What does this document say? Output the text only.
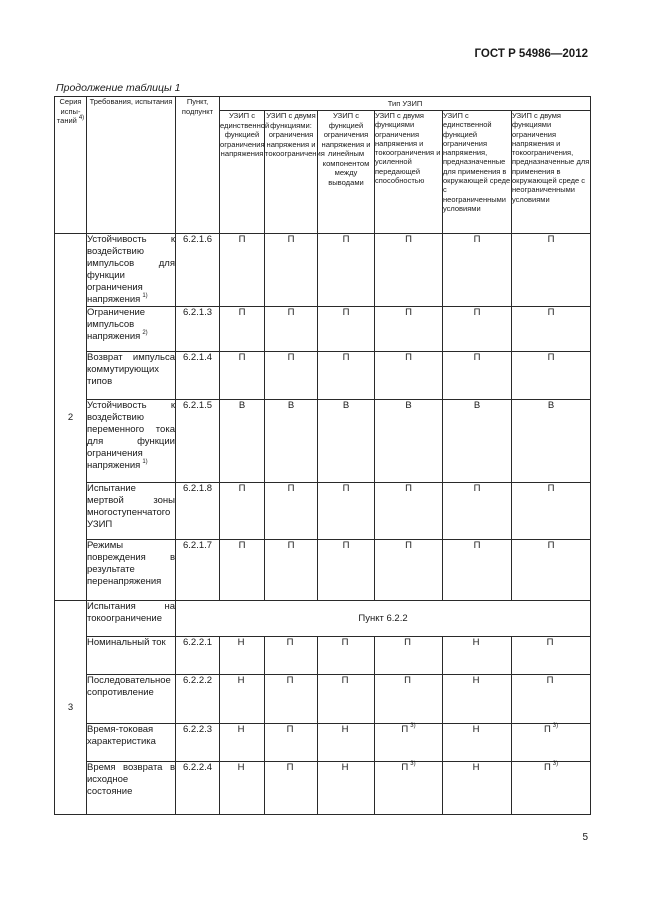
ГОСТ Р 54986—2012
Продолжение таблицы 1
Серия испы-таний $^{4)}$	Требования, испытания	Пункт, подпункт	Тип УЗИП					
			УЗИП с единственной функцией ограничения напряжения	УЗИП с двумя функциями: ограничения напряжения и токоограничения	УЗИП с функцией ограничения напряжения и линейным компонентом между выводами	УЗИП с двумя функциями ограничения напряжения и токоограничения и усиленной передающей способностью	УЗИП с единственной функцией ограничения напряжения, предназначенные для применения в окружающей среде с неограниченными условиями	УЗИП с двумя функциями ограничения напряжения и токоограничения, предназначенные для применения в окружающей среде с неограниченными условиями
2	Устойчивость к воздействию импульсов для функции ограничения напряжения $^{1)}$	6.2.1.6	П	П	П	П	П	П
	Ограничение импульсов напряжения $^{2)}$	6.2.1.3	П	П	П	П	П	П
	Возврат импульса коммутирующих типов	6.2.1.4	П	П	П	П	П	П
	Устойчивость к воздействию переменного тока для функции ограничения напряжения $^{1)}$	6.2.1.5	В	В	В	В	В	В
	Испытание мертвой зоны многоступенчатого УЗИП	6.2.1.8	П	П	П	П	П	П
	Режимы повреждения в результате перенапряжения	6.2.1.7	П	П	П	П	П	П
3	Испытания на токоограничение	Пункт 6.2.2						
	Номинальный ток	6.2.2.1	Н	П	П	П	Н	П
	Последовательное сопротивление	6.2.2.2	Н	П	П	П	Н	П
	Время-токовая характеристика	6.2.2.3	Н	П	Н	П $^{3)}$	Н	П $^{3)}$
	Время возврата в исходное состояние	6.2.2.4	Н	П	Н	П $^{3)}$	Н	П $^{3)}$
5
